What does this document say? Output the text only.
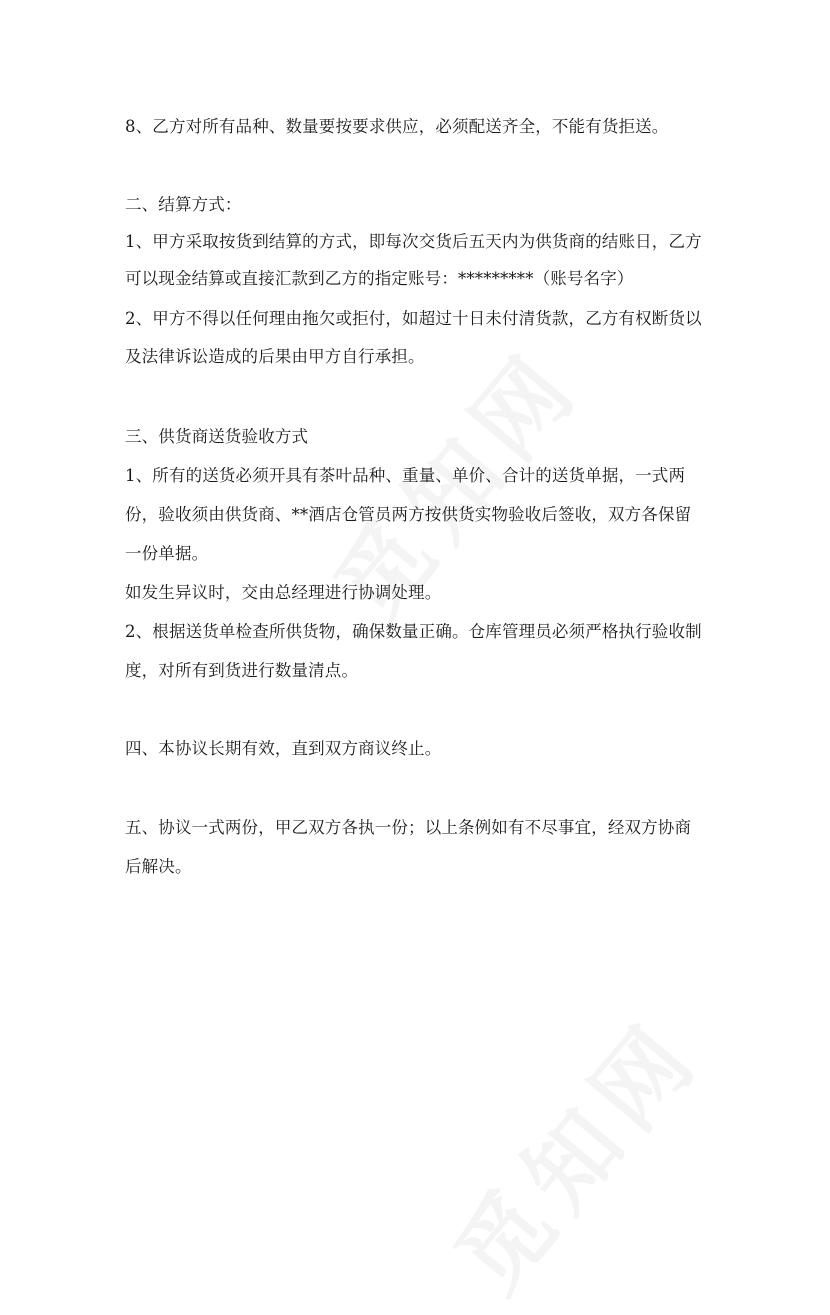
8、乙方对所有品种、数量要按要求供应，必须配送齐全，不能有货拒送。
二、结算方式：
1、甲方采取按货到结算的方式，即每次交货后五天内为供货商的结账日，乙方
可以现金结算或直接汇款到乙方的指定账号：*********（账号名字）
2、甲方不得以任何理由拖欠或拒付，如超过十日未付清货款，乙方有权断货以
及法律诉讼造成的后果由甲方自行承担。
三、供货商送货验收方式
1、所有的送货必须开具有茶叶品种、重量、单价、合计的送货单据，一式两
份，验收须由供货商、**酒店仓管员两方按供货实物验收后签收，双方各保留
一份单据。
如发生异议时，交由总经理进行协调处理。
2、根据送货单检查所供货物，确保数量正确。仓库管理员必须严格执行验收制
度，对所有到货进行数量清点。
四、本协议长期有效，直到双方商议终止。
五、协议一式两份，甲乙双方各执一份；以上条例如有不尽事宜，经双方协商
后解决。
